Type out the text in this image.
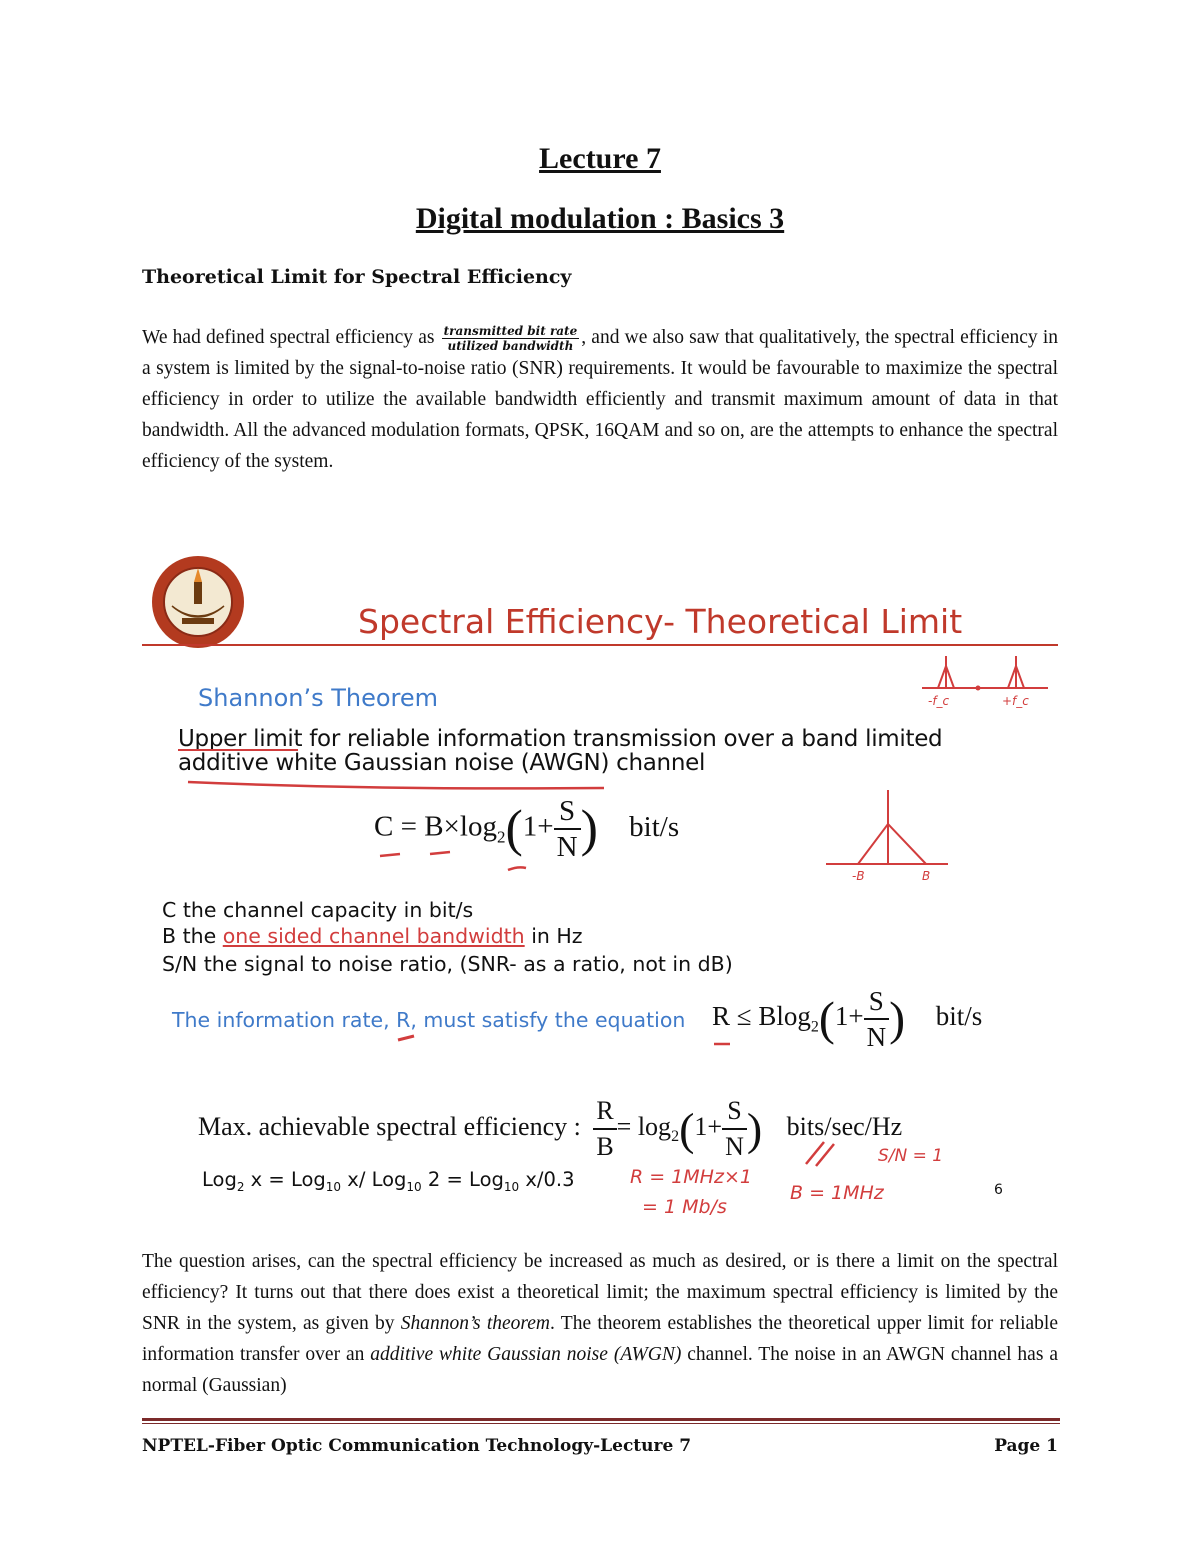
Lecture 7
Digital modulation : Basics 3
Theoretical Limit for Spectral Efficiency
We had defined spectral efficiency as $\frac{\text{transmitted bit rate}}{\text{utilized bandwidth}}$ , and we also saw that qualitatively, the spectral efficiency in a system is limited by the signal-to-noise ratio (SNR) requirements. It would be favourable to maximize the spectral efficiency in order to utilize the available bandwidth efficiently and transmit maximum amount of data in that bandwidth. All the advanced modulation formats, QPSK, 16QAM and so on, are the attempts to enhance the spectral efficiency of the system.
Spectral Efficiency- Theoretical Limit
-f_c	+f_c
Shannon’s Theorem
Upper limit for reliable information transmission over a band limited
additive white Gaussian noise (AWGN) channel
$C = B\times\log_2(1+ \frac{S}{N}$ ) bit/s
-B	B
C the channel capacity in bit/s
B the one sided channel bandwidth in Hz
S/N the signal to noise ratio, (SNR- as a ratio, not in dB)
The information rate, R, must satisfy the equation $R \le Blog_2(1+ \frac{S}{N}$ ) bit/s
Max. achievable spectral efficiency : $\frac{R}{B} = \log_2(1+ \frac{S}{N}$ ) bits/sec/Hz
Log$_2$ x = Log$_{10}$ x/ Log$_{10}$ 2 = Log$_{10}$ x/0.3	R = 1MHz×1
= 1 Mb/s
B = 1MHz
S/N = 1
6
The question arises, can the spectral efficiency be increased as much as desired, or is there a limit on the spectral efficiency? It turns out that there does exist a theoretical limit; the maximum spectral efficiency is limited by the SNR in the system, as given by Shannon’s theorem. The theorem establishes the theoretical upper limit for reliable information transfer over an additive white Gaussian noise (AWGN) channel. The noise in an AWGN channel has a normal (Gaussian)
NPTEL-Fiber Optic Communication Technology-Lecture 7	Page 1
